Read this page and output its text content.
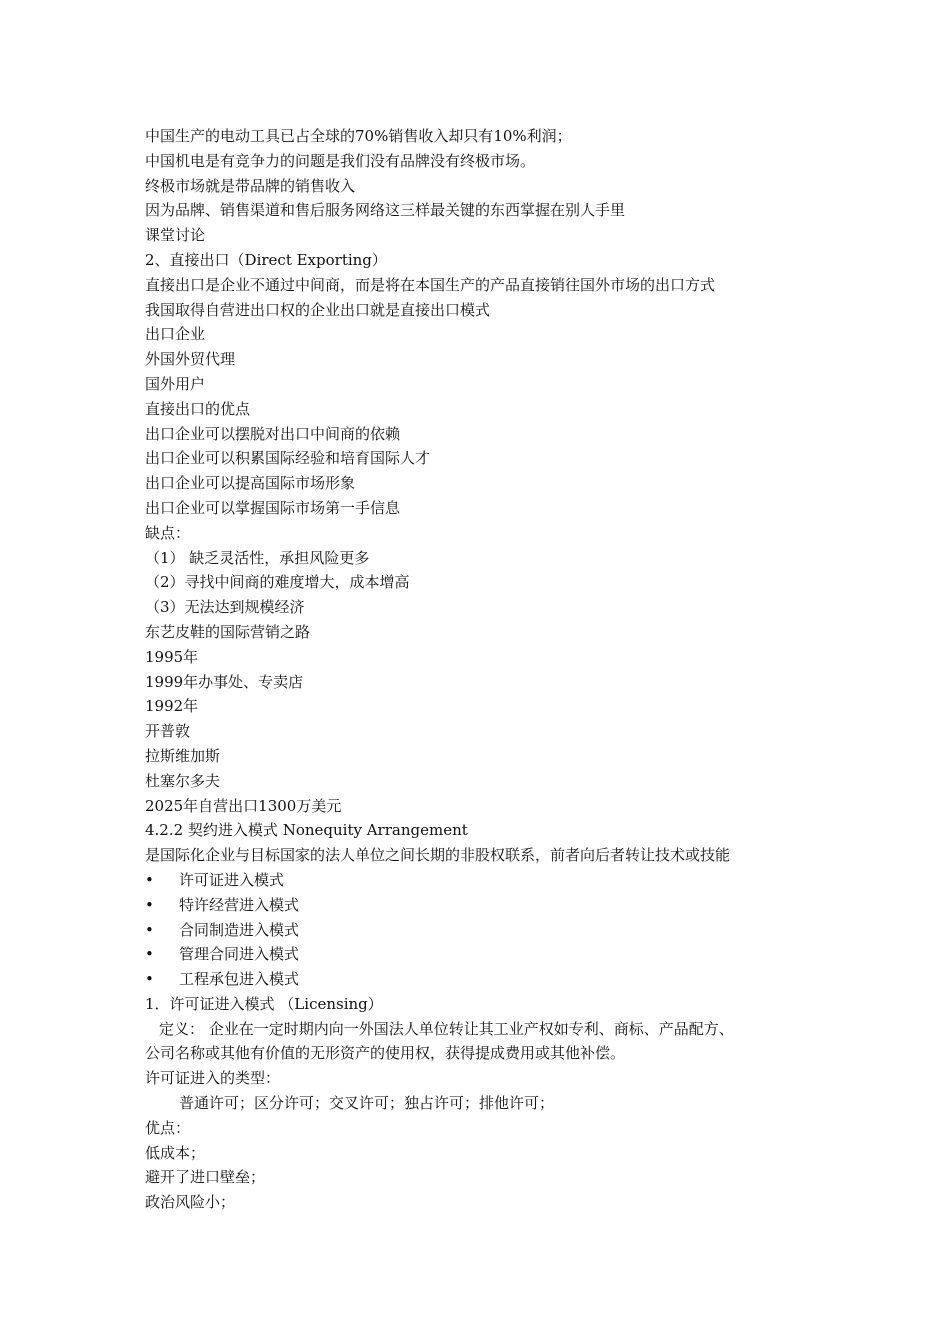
中国生产的电动工具已占全球的70%销售收入却只有10%利润；
中国机电是有竞争力的问题是我们没有品牌没有终极市场。
终极市场就是带品牌的销售收入
因为品牌、销售渠道和售后服务网络这三样最关键的东西掌握在别人手里
课堂讨论
2、直接出口（Direct Exporting）
直接出口是企业不通过中间商，而是将在本国生产的产品直接销往国外市场的出口方式
我国取得自营进出口权的企业出口就是直接出口模式
出口企业
外国外贸代理
国外用户
直接出口的优点
出口企业可以摆脱对出口中间商的依赖
出口企业可以积累国际经验和培育国际人才
出口企业可以提高国际市场形象
出口企业可以掌握国际市场第一手信息
缺点：
（1） 缺乏灵活性，承担风险更多
（2）寻找中间商的难度增大，成本增高
（3）无法达到规模经济
东艺皮鞋的国际营销之路
1995年
1999年办事处、专卖店
1992年
开普敦
拉斯维加斯
杜塞尔多夫
2025年自营出口1300万美元
4.2.2 契约进入模式 Nonequity Arrangement
是国际化企业与目标国家的法人单位之间长期的非股权联系，前者向后者转让技术或技能
•	许可证进入模式
•	特许经营进入模式
•	合同制造进入模式
•	管理合同进入模式
•	工程承包进入模式
1．许可证进入模式 （Licensing）
定义： 企业在一定时期内向一外国法人单位转让其工业产权如专利、商标、产品配方、
公司名称或其他有价值的无形资产的使用权，获得提成费用或其他补偿。
许可证进入的类型：
普通许可；区分许可；交叉许可；独占许可；排他许可；
优点：
低成本；
避开了进口壁垒；
政治风险小；
